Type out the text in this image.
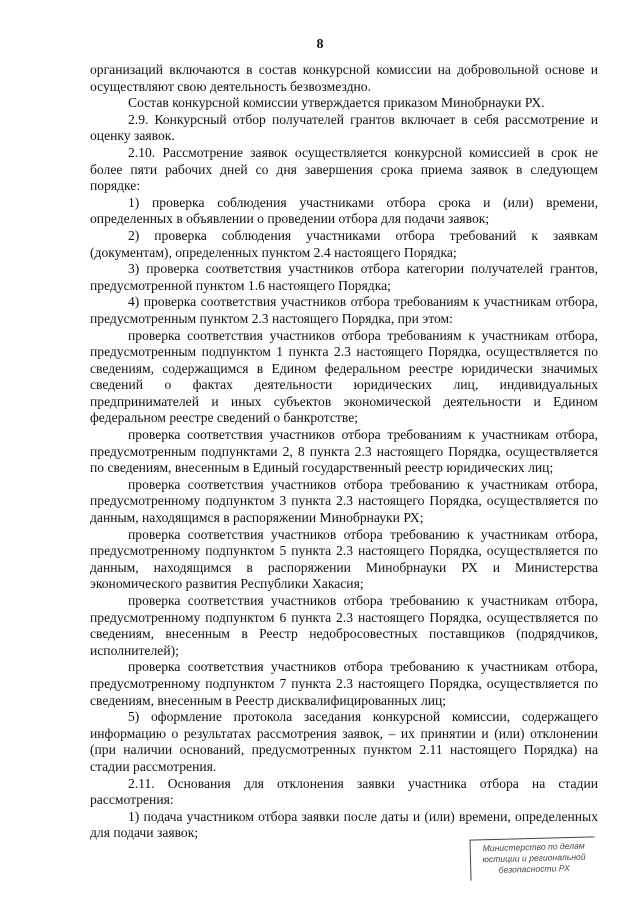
8

организаций включаются в состав конкурсной комиссии на добровольной основе и осуществляют свою деятельность безвозмездно.

Состав конкурсной комиссии утверждается приказом Минобрнауки РХ.

2.9. Конкурсный отбор получателей грантов включает в себя рассмотрение и оценку заявок.

2.10. Рассмотрение заявок осуществляется конкурсной комиссией в срок не более пяти рабочих дней со дня завершения срока приема заявок в следующем порядке:

1) проверка соблюдения участниками отбора срока и (или) времени, определенных в объявлении о проведении отбора для подачи заявок;

2) проверка соблюдения участниками отбора требований к заявкам (документам), определенных пунктом 2.4 настоящего Порядка;

3) проверка соответствия участников отбора категории получателей грантов, предусмотренной пунктом 1.6 настоящего Порядка;

4) проверка соответствия участников отбора требованиям к участникам отбора, предусмотренным пунктом 2.3 настоящего Порядка, при этом:

проверка соответствия участников отбора требованиям к участникам отбора, предусмотренным подпунктом 1 пункта 2.3 настоящего Порядка, осуществляется по сведениям, содержащимся в Едином федеральном реестре юридически значимых сведений о фактах деятельности юридических лиц, индивидуальных предпринимателей и иных субъектов экономической деятельности и Едином федеральном реестре сведений о банкротстве;

проверка соответствия участников отбора требованиям к участникам отбора, предусмотренным подпунктами 2, 8 пункта 2.3 настоящего Порядка, осуществляется по сведениям, внесенным в Единый государственный реестр юридических лиц;

проверка соответствия участников отбора требованию к участникам отбора, предусмотренному подпунктом 3 пункта 2.3 настоящего Порядка, осуществляется по данным, находящимся в распоряжении Минобрнауки РХ;

проверка соответствия участников отбора требованию к участникам отбора, предусмотренному подпунктом 5 пункта 2.3 настоящего Порядка, осуществляется по данным, находящимся в распоряжении Минобрнауки РХ и Министерства экономического развития Республики Хакасия;

проверка соответствия участников отбора требованию к участникам отбора, предусмотренному подпунктом 6 пункта 2.3 настоящего Порядка, осуществляется по сведениям, внесенным в Реестр недобросовестных поставщиков (подрядчиков, исполнителей);

проверка соответствия участников отбора требованию к участникам отбора, предусмотренному подпунктом 7 пункта 2.3 настоящего Порядка, осуществляется по сведениям, внесенным в Реестр дисквалифицированных лиц;

5) оформление протокола заседания конкурсной комиссии, содержащего информацию о результатах рассмотрения заявок, – их принятии и (или) отклонении (при наличии оснований, предусмотренных пунктом 2.11 настоящего Порядка) на стадии рассмотрения.

2.11. Основания для отклонения заявки участника отбора на стадии рассмотрения:

1) подача участником отбора заявки после даты и (или) времени, определенных для подачи заявок;

Министерство по делам
юстиции и региональной
безопасности РХ
